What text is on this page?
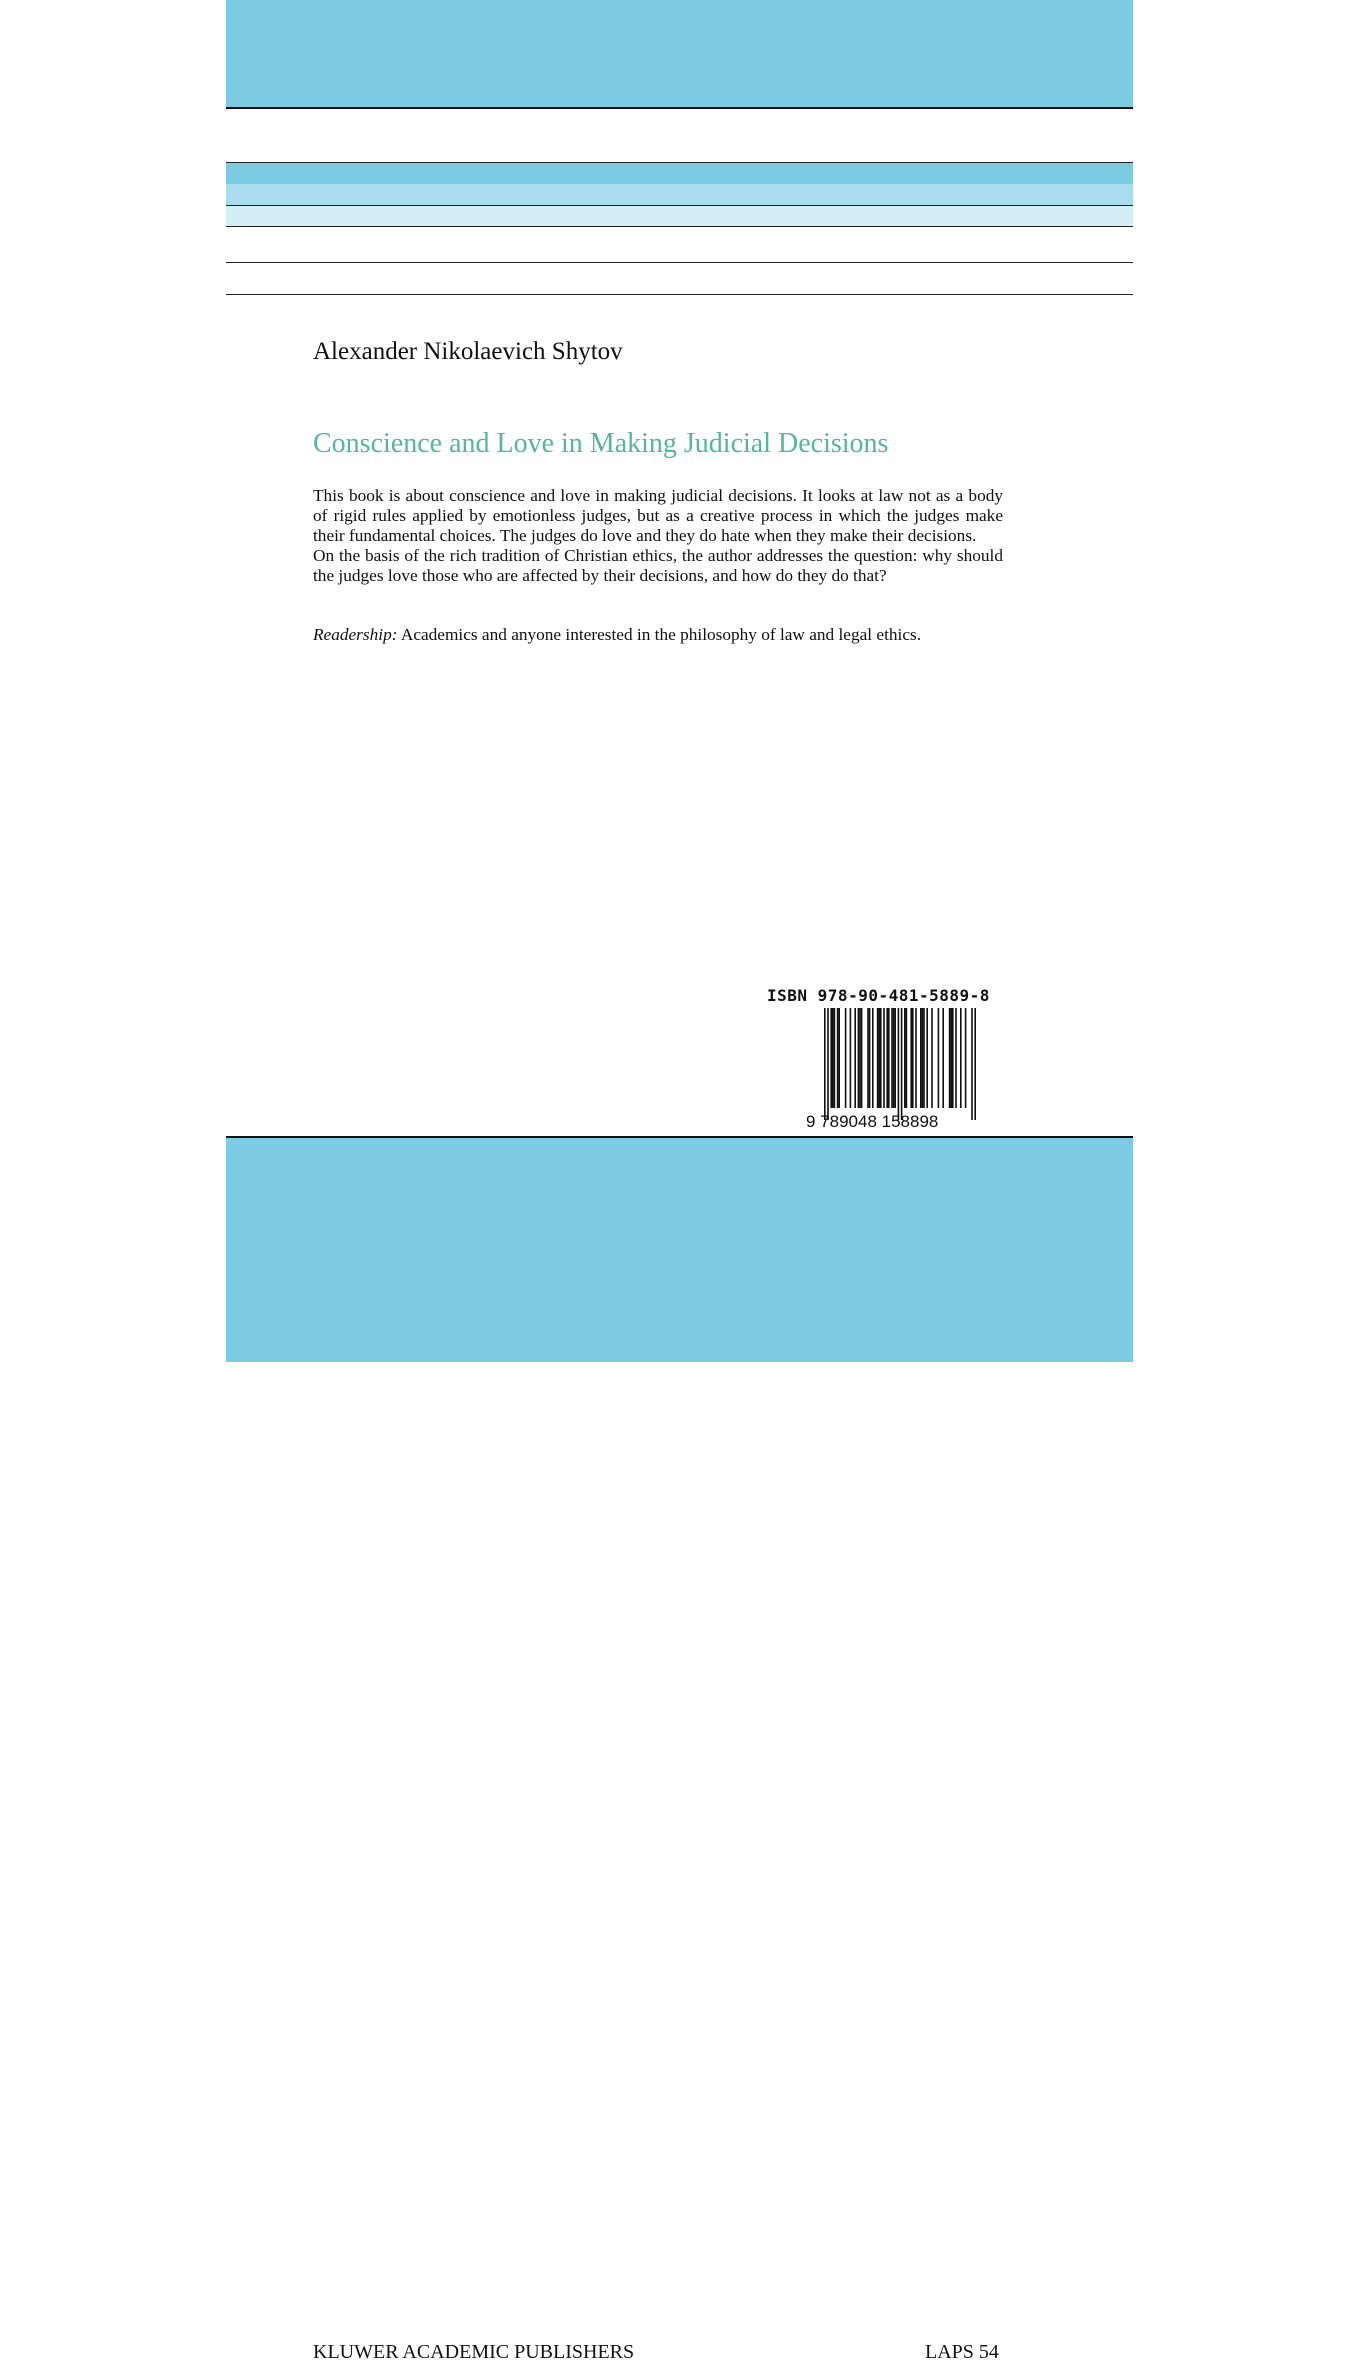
Alexander Nikolaevich Shytov
Conscience and Love in Making Judicial Decisions

This book is about conscience and love in making judicial decisions. It looks at law not as a body of rigid rules applied by emotionless judges, but as a creative process in which the judges make their fundamental choices. The judges do love and they do hate when they make their decisions.

On the basis of the rich tradition of Christian ethics, the author addresses the question: why should the judges love those who are affected by their decisions, and how do they do that?

Readership: Academics and anyone interested in the philosophy of law and legal ethics.
ISBN 978-90-481-5889-8
9 789048 158898
KLUWER ACADEMIC PUBLISHERS	LAPS 54
